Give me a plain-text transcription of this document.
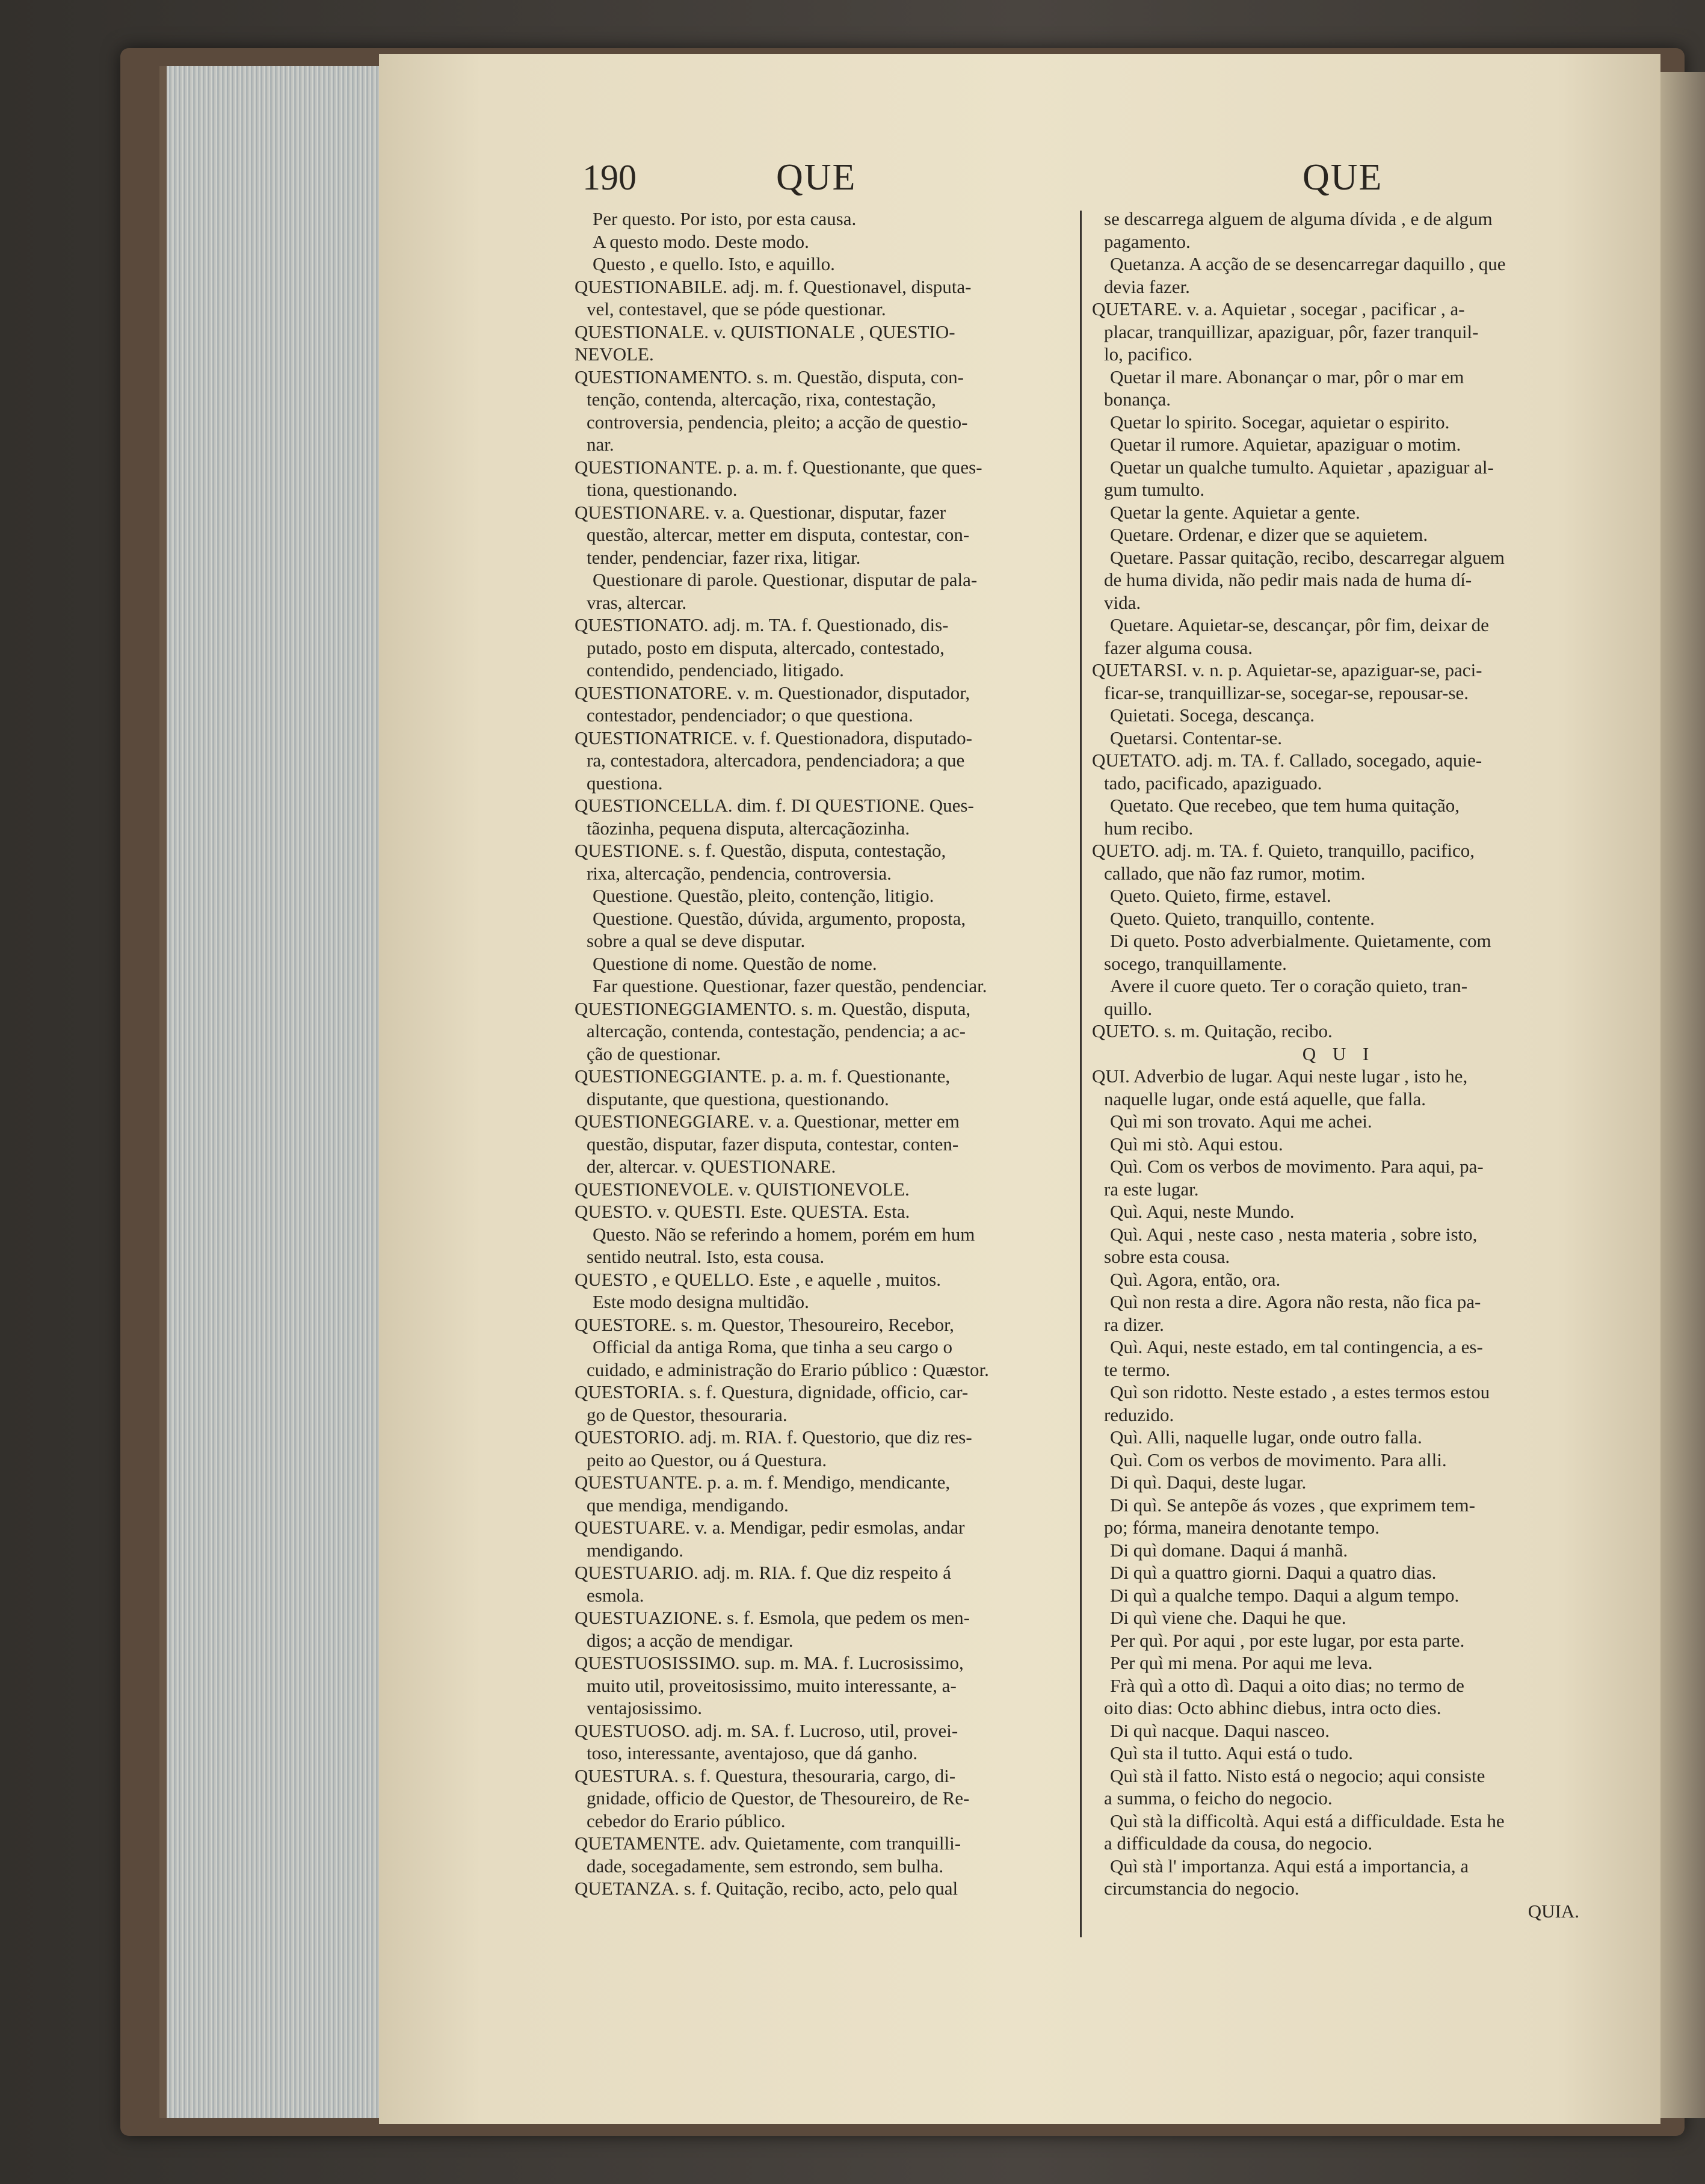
190	QUE	QUE
Per questo. Por isto, por esta causa.
A questo modo. Deste modo.
Questo , e quello. Isto, e aquillo.
QUESTIONABILE. adj. m. f. Questionavel, disputa-
vel, contestavel, que se póde questionar.
QUESTIONALE. v. QUISTIONALE , QUESTIO-
NEVOLE.
QUESTIONAMENTO. s. m. Questão, disputa, con-
tenção, contenda, altercação, rixa, contestação,
controversia, pendencia, pleito; a acção de questio-
nar.
QUESTIONANTE. p. a. m. f. Questionante, que ques-
tiona, questionando.
QUESTIONARE. v. a. Questionar, disputar, fazer
questão, altercar, metter em disputa, contestar, con-
tender, pendenciar, fazer rixa, litigar.
Questionare di parole. Questionar, disputar de pala-
vras, altercar.
QUESTIONATO. adj. m. TA. f. Questionado, dis-
putado, posto em disputa, altercado, contestado,
contendido, pendenciado, litigado.
QUESTIONATORE. v. m. Questionador, disputador,
contestador, pendenciador; o que questiona.
QUESTIONATRICE. v. f. Questionadora, disputado-
ra, contestadora, altercadora, pendenciadora; a que
questiona.
QUESTIONCELLA. dim. f. DI QUESTIONE. Ques-
tãozinha, pequena disputa, altercaçãozinha.
QUESTIONE. s. f. Questão, disputa, contestação,
rixa, altercação, pendencia, controversia.
Questione. Questão, pleito, contenção, litigio.
Questione. Questão, dúvida, argumento, proposta,
sobre a qual se deve disputar.
Questione di nome. Questão de nome.
Far questione. Questionar, fazer questão, pendenciar.
QUESTIONEGGIAMENTO. s. m. Questão, disputa,
altercação, contenda, contestação, pendencia; a ac-
ção de questionar.
QUESTIONEGGIANTE. p. a. m. f. Questionante,
disputante, que questiona, questionando.
QUESTIONEGGIARE. v. a. Questionar, metter em
questão, disputar, fazer disputa, contestar, conten-
der, altercar. v. QUESTIONARE.
QUESTIONEVOLE. v. QUISTIONEVOLE.
QUESTO. v. QUESTI. Este. QUESTA. Esta.
Questo. Não se referindo a homem, porém em hum
sentido neutral. Isto, esta cousa.
QUESTO , e QUELLO. Este , e aquelle , muitos.
Este modo designa multidão.
QUESTORE. s. m. Questor, Thesoureiro, Recebor,
Official da antiga Roma, que tinha a seu cargo o
cuidado, e administração do Erario público : Quæstor.
QUESTORIA. s. f. Questura, dignidade, officio, car-
go de Questor, thesouraria.
QUESTORIO. adj. m. RIA. f. Questorio, que diz res-
peito ao Questor, ou á Questura.
QUESTUANTE. p. a. m. f. Mendigo, mendicante,
que mendiga, mendigando.
QUESTUARE. v. a. Mendigar, pedir esmolas, andar
mendigando.
QUESTUARIO. adj. m. RIA. f. Que diz respeito á
esmola.
QUESTUAZIONE. s. f. Esmola, que pedem os men-
digos; a acção de mendigar.
QUESTUOSISSIMO. sup. m. MA. f. Lucrosissimo,
muito util, proveitosissimo, muito interessante, a-
ventajosissimo.
QUESTUOSO. adj. m. SA. f. Lucroso, util, provei-
toso, interessante, aventajoso, que dá ganho.
QUESTURA. s. f. Questura, thesouraria, cargo, di-
gnidade, officio de Questor, de Thesoureiro, de Re-
cebedor do Erario público.
QUETAMENTE. adv. Quietamente, com tranquilli-
dade, socegadamente, sem estrondo, sem bulha.
QUETANZA. s. f. Quitação, recibo, acto, pelo qual
se descarrega alguem de alguma dívida , e de algum
pagamento.
Quetanza. A acção de se desencarregar daquillo , que
devia fazer.
QUETARE. v. a. Aquietar , socegar , pacificar , a-
placar, tranquillizar, apaziguar, pôr, fazer tranquil-
lo, pacifico.
Quetar il mare. Abonançar o mar, pôr o mar em
bonança.
Quetar lo spirito. Socegar, aquietar o espirito.
Quetar il rumore. Aquietar, apaziguar o motim.
Quetar un qualche tumulto. Aquietar , apaziguar al-
gum tumulto.
Quetar la gente. Aquietar a gente.
Quetare. Ordenar, e dizer que se aquietem.
Quetare. Passar quitação, recibo, descarregar alguem
de huma divida, não pedir mais nada de huma dí-
vida.
Quetare. Aquietar-se, descançar, pôr fim, deixar de
fazer alguma cousa.
QUETARSI. v. n. p. Aquietar-se, apaziguar-se, paci-
ficar-se, tranquillizar-se, socegar-se, repousar-se.
Quietati. Socega, descança.
Quetarsi. Contentar-se.
QUETATO. adj. m. TA. f. Callado, socegado, aquie-
tado, pacificado, apaziguado.
Quetato. Que recebeo, que tem huma quitação,
hum recibo.
QUETO. adj. m. TA. f. Quieto, tranquillo, pacifico,
callado, que não faz rumor, motim.
Queto. Quieto, firme, estavel.
Queto. Quieto, tranquillo, contente.
Di queto. Posto adverbialmente. Quietamente, com
socego, tranquillamente.
Avere il cuore queto. Ter o coração quieto, tran-
quillo.
QUETO. s. m. Quitação, recibo.
Q U I
QUI. Adverbio de lugar. Aqui neste lugar , isto he,
naquelle lugar, onde está aquelle, que falla.
Quì mi son trovato. Aqui me achei.
Quì mi stò. Aqui estou.
Quì. Com os verbos de movimento. Para aqui, pa-
ra este lugar.
Quì. Aqui, neste Mundo.
Quì. Aqui , neste caso , nesta materia , sobre isto,
sobre esta cousa.
Quì. Agora, então, ora.
Quì non resta a dire. Agora não resta, não fica pa-
ra dizer.
Quì. Aqui, neste estado, em tal contingencia, a es-
te termo.
Quì son ridotto. Neste estado , a estes termos estou
reduzido.
Quì. Alli, naquelle lugar, onde outro falla.
Quì. Com os verbos de movimento. Para alli.
Di quì. Daqui, deste lugar.
Di quì. Se antepõe ás vozes , que exprimem tem-
po; fórma, maneira denotante tempo.
Di quì domane. Daqui á manhã.
Di quì a quattro giorni. Daqui a quatro dias.
Di quì a qualche tempo. Daqui a algum tempo.
Di quì viene che. Daqui he que.
Per quì. Por aqui , por este lugar, por esta parte.
Per quì mi mena. Por aqui me leva.
Frà quì a otto dì. Daqui a oito dias; no termo de
oito dias: Octo abhinc diebus, intra octo dies.
Di quì nacque. Daqui nasceo.
Quì sta il tutto. Aqui está o tudo.
Quì stà il fatto. Nisto está o negocio; aqui consiste
a summa, o feicho do negocio.
Quì stà la difficoltà. Aqui está a difficuldade. Esta he
a difficuldade da cousa, do negocio.
Quì stà l' importanza. Aqui está a importancia, a
circumstancia do negocio.
QUIA.
